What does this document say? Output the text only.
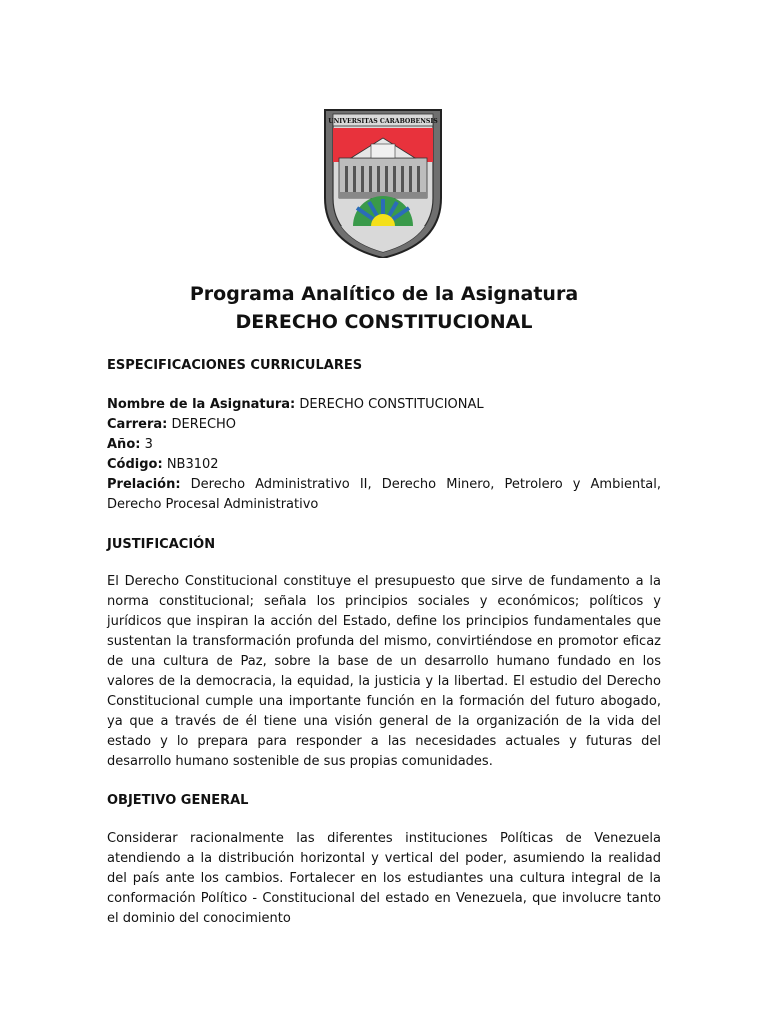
UNIVERSITAS CARABOBENSIS
Programa Analítico de la Asignatura
DERECHO CONSTITUCIONAL
ESPECIFICACIONES CURRICULARES
Nombre de la Asignatura: DERECHO CONSTITUCIONAL
Carrera: DERECHO
Año: 3
Código: NB3102
Prelación: Derecho Administrativo II, Derecho Minero, Petrolero y Ambiental, Derecho Procesal Administrativo
JUSTIFICACIÓN
El Derecho Constitucional constituye el presupuesto que sirve de fundamento a la norma constitucional; señala los principios sociales y económicos; políticos y jurídicos que inspiran la acción del Estado, define los principios fundamentales que sustentan la transformación profunda del mismo, convirtiéndose en promotor eficaz de una cultura de Paz, sobre la base de un desarrollo humano fundado en los valores de la democracia, la equidad, la justicia y la libertad. El estudio del Derecho Constitucional cumple una importante función en la formación del futuro abogado, ya que a través de él tiene una visión general de la organización de la vida del estado y lo prepara para responder a las necesidades actuales y futuras del desarrollo humano sostenible de sus propias comunidades.
OBJETIVO GENERAL
Considerar racionalmente las diferentes instituciones Políticas de Venezuela atendiendo a la distribución horizontal y vertical del poder, asumiendo la realidad del país ante los cambios. Fortalecer en los estudiantes una cultura integral de la conformación Político - Constitucional del estado en Venezuela, que involucre tanto el dominio del conocimiento
